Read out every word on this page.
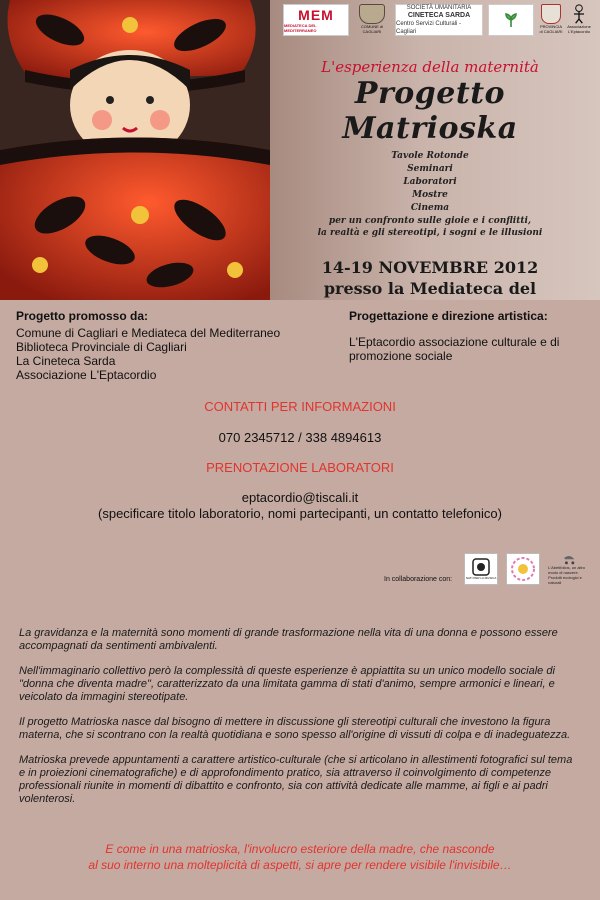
MEM
MEDIATECA DEL MEDITERRANEO
COMUNE di CAGLIARI
SOCIETÀ UMANITARIA
CINETECA SARDA
Centro Servizi Culturali - Cagliari
PROVINCIA di CAGLIARI
Associazione L'Eptacordio

L'esperienza della maternità

Progetto Matrioska
Tavole Rotonde
Seminari
Laboratori
Mostre
Cinema
per un confronto sulle gioie e i conflitti,
la realtà e gli stereotipi, i sogni e le illusioni
14-19 NOVEMBRE 2012
presso la Mediateca del
Progetto promosso da:
Comune di Cagliari e Mediateca del Mediterraneo
Biblioteca Provinciale di Cagliari
La Cineteca Sarda
Associazione L'Eptacordio
Progettazione e direzione artistica:

L'Eptacordio associazione culturale e di promozione sociale

CONTATTI PER INFORMAZIONI
070 2345712 / 338 4894613
PRENOTAZIONE LABORATORI
eptacordio@tiscali.it
(specificare titolo laboratorio, nomi partecipanti, un contatto telefonico)
In collaborazione con:	NATI PER LA MUSICA
L'Abetifolios, un altro modo di nascere. Prodotti ecologici e naturali

La gravidanza e la maternità sono momenti di grande trasformazione nella vita di una donna e possono essere accompagnati da sentimenti ambivalenti.

Nell'immaginario collettivo però la complessità di queste esperienze è appiattita su un unico modello sociale di "donna che diventa madre", caratterizzato da una limitata gamma di stati d'animo, sempre armonici e lineari, e veicolato da immagini stereotipate.

Il progetto Matrioska nasce dal bisogno di mettere in discussione gli stereotipi culturali che investono la figura materna, che si scontrano con la realtà quotidiana e sono spesso all'origine di vissuti di colpa e di inadeguatezza.

Matrioska prevede appuntamenti a carattere artistico-culturale (che si articolano in allestimenti fotografici sul tema e in proiezioni cinematografiche) e di approfondimento pratico, sia attraverso il coinvolgimento di competenze professionali riunite in momenti di dibattito e confronto, sia con attività dedicate alle mamme, ai figli e ai padri volenterosi.

E come in una matrioska, l'involucro esteriore della madre, che nasconde
al suo interno una molteplicità di aspetti, si apre per rendere visibile l'invisibile…
